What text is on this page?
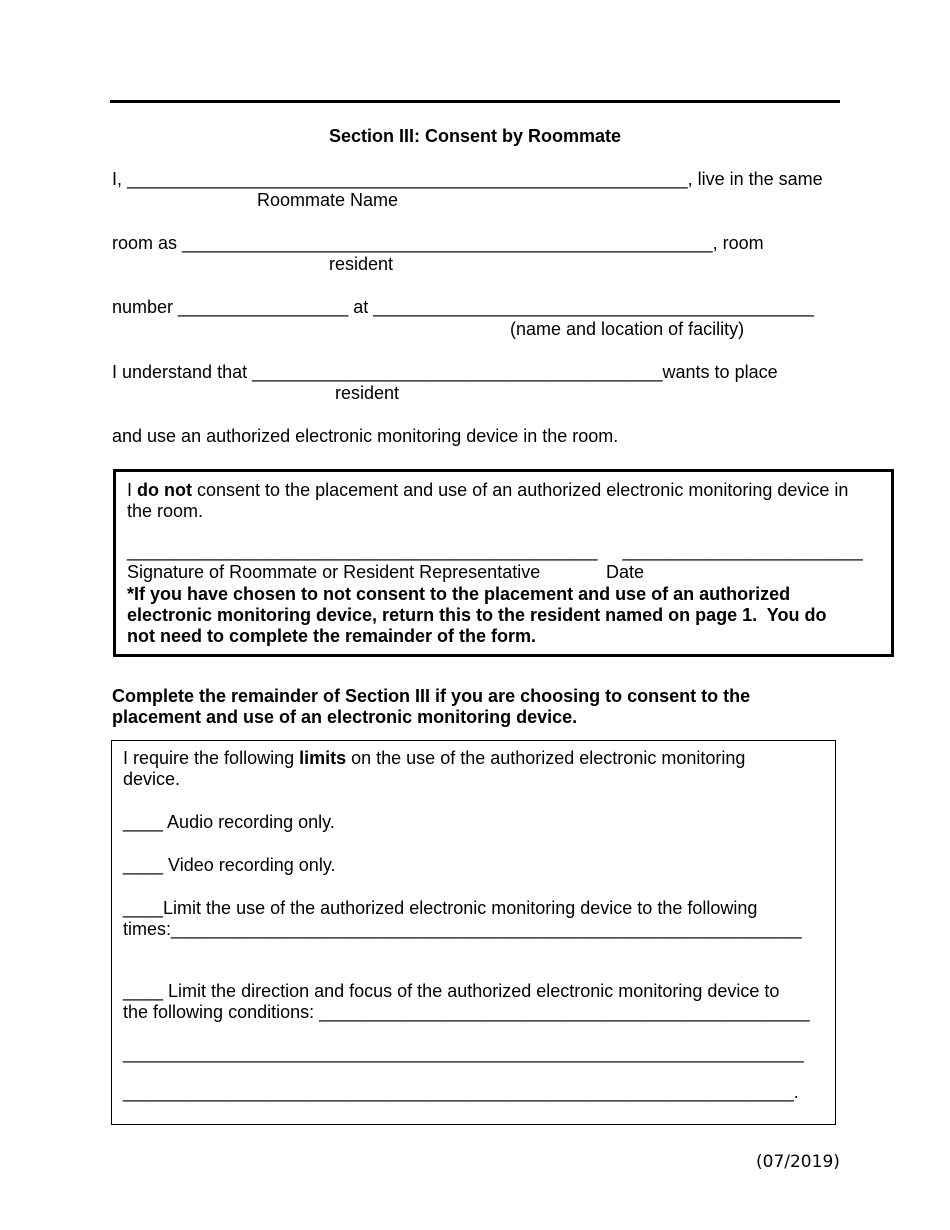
Section III: Consent by Roommate
I, ________________________________________________________, live in the same
Roommate Name
room as _____________________________________________________, room
resident
number _________________ at ____________________________________________
(name and location of facility)
I understand that _________________________________________wants to place
resident
and use an authorized electronic monitoring device in the room.
I do not consent to the placement and use of an authorized electronic monitoring device in
the room.
_______________________________________________     ________________________
Signature of Roommate or Resident Representative	Date
*If you have chosen to not consent to the placement and use of an authorized
electronic monitoring device, return this to the resident named on page 1.  You do
not need to complete the remainder of the form.
Complete the remainder of Section III if you are choosing to consent to the
placement and use of an electronic monitoring device.
I require the following limits on the use of the authorized electronic monitoring
device.
____ Audio recording only.
____ Video recording only.
____Limit the use of the authorized electronic monitoring device to the following
times:_______________________________________________________________
____ Limit the direction and focus of the authorized electronic monitoring device to
the following conditions: _________________________________________________
____________________________________________________________________
___________________________________________________________________.
(07/2019)
